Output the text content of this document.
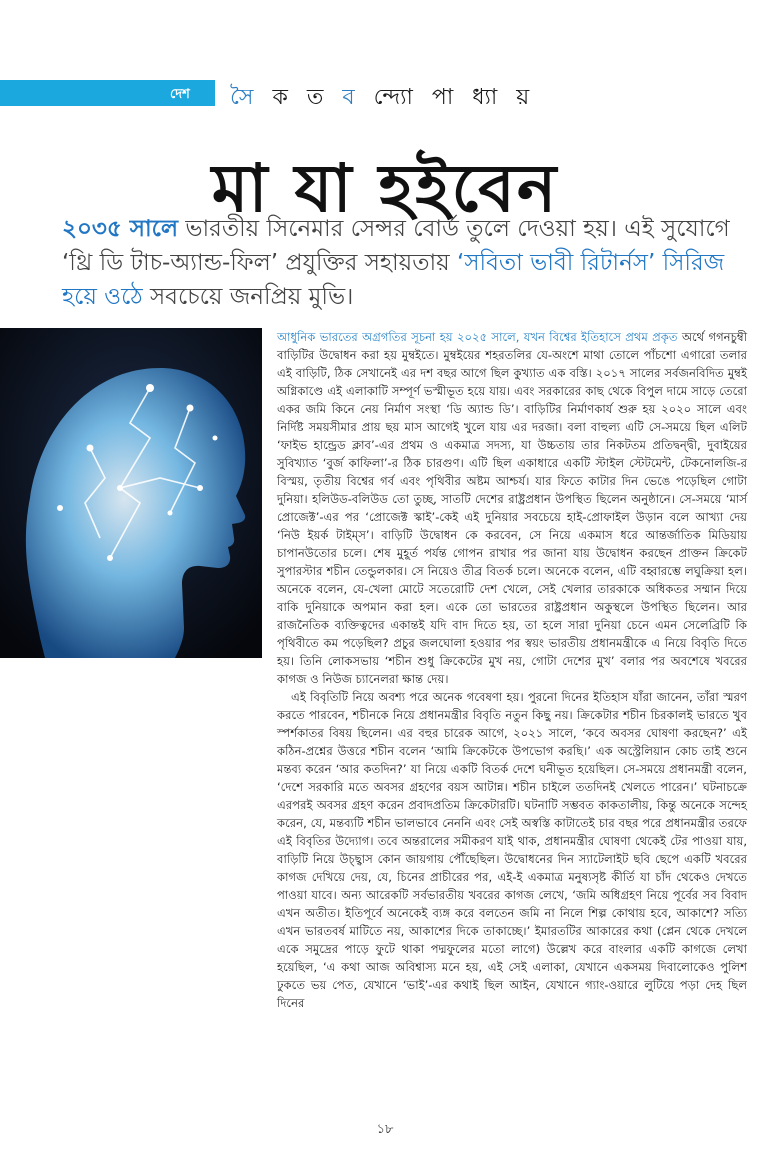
দেশ সৈ ক ত ব ন্দ্যো পা ধ্যা য়
মা যা হইবেন
২০৩৫ সালে ভারতীয় সিনেমার সেন্সর বোর্ড তুলে দেওয়া হয়। এই সুযোগে ‘থ্রি ডি টাচ-অ্যান্ড-ফিল’ প্রযুক্তির সহায়তায় ‘সবিতা ভাবী রিটার্নস’ সিরিজ হয়ে ওঠে সবচেয়ে জনপ্রিয় মুভি।

আধুনিক ভারতের অগ্রগতির সূচনা হয় ২০২৫ সালে, যখন বিশ্বের ইতিহাসে প্রথম প্রকৃত অর্থে গগনচুম্বী বাড়িটির উদ্বোধন করা হয় মুম্বইতে। মুম্বইয়ের শহরতলির যে-অংশে মাথা তোলে পাঁচশো এগারো তলার এই বাড়িটি, ঠিক সেখানেই এর দশ বছর আগে ছিল কুখ্যাত এক বস্তি। ২০১৭ সালের সর্বজনবিদিত মুম্বই অগ্নিকাণ্ডে এই এলাকাটি সম্পূর্ণ ভস্মীভূত হয়ে যায়। এবং সরকারের কাছ থেকে বিপুল দামে সাড়ে তেরো একর জমি কিনে নেয় নির্মাণ সংস্থা ‘ডি অ্যান্ড ডি’। বাড়িটির নির্মাণকার্য শুরু হয় ২০২০ সালে এবং নির্দিষ্ট সময়সীমার প্রায় ছয় মাস আগেই খুলে যায় এর দরজা। বলা বাহুল্য এটি সে-সময়ে ছিল এলিট ‘ফাইভ হান্ড্রেড ক্লাব’-এর প্রথম ও একমাত্র সদস্য, যা উচ্চতায় তার নিকটতম প্রতিদ্বন্দ্বী, দুবাইয়ের সুবিখ্যাত ‘বুর্জ কাফিলা’-র ঠিক চারগুণ। এটি ছিল একাধারে একটি স্টাইল স্টেটমেন্ট, টেকনোলজি-র বিস্ময়, তৃতীয় বিশ্বের গর্ব এবং পৃথিবীর অষ্টম আশ্চর্য। যার ফিতে কাটার দিন ভেঙে পড়েছিল গোটা দুনিয়া। হলিউড-বলিউড তো তুচ্ছ, সাতটি দেশের রাষ্ট্রপ্রধান উপস্থিত ছিলেন অনুষ্ঠানে। সে-সময়ে ‘মার্স প্রোজেক্ট’-এর পর ‘প্রোজেক্ট স্কাই’-কেই এই দুনিয়ার সবচেয়ে হাই-প্রোফাইল উড়ান বলে আখ্যা দেয় ‘নিউ ইয়র্ক টাইম্‌স’। বাড়িটি উদ্বোধন কে করবেন, সে নিয়ে একমাস ধরে আন্তর্জাতিক মিডিয়ায় চাপানউতোর চলে। শেষ মুহূর্ত পর্যন্ত গোপন রাখার পর জানা যায় উদ্বোধন করছেন প্রাক্তন ক্রিকেট সুপারস্টার শচীন তেন্ডুলকার। সে নিয়েও তীব্র বিতর্ক চলে। অনেকে বলেন, এটি বহ্বারম্ভে লঘুক্রিয়া হল। অনেকে বলেন, যে-খেলা মোটে সতেরোটি দেশ খেলে, সেই খেলার তারকাকে অধিকতর সম্মান দিয়ে বাকি দুনিয়াকে অপমান করা হল। একে তো ভারতের রাষ্ট্রপ্রধান অকুস্থলে উপস্থিত ছিলেন। আর রাজনৈতিক ব্যক্তিত্বদের একান্তই যদি বাদ দিতে হয়, তা হলে সারা দুনিয়া চেনে এমন সেলেব্রিটি কি পৃথিবীতে কম পড়েছিল? প্রচুর জলঘোলা হওয়ার পর স্বয়ং ভারতীয় প্রধানমন্ত্রীকে এ নিয়ে বিবৃতি দিতে হয়। তিনি লোকসভায় ‘শচীন শুধু ক্রিকেটের মুখ নয়, গোটা দেশের মুখ’ বলার পর অবশেষে খবরের কাগজ ও নিউজ চ্যানেলরা ক্ষান্ত দেয়।

এই বিবৃতিটি নিয়ে অবশ্য পরে অনেক গবেষণা হয়। পুরনো দিনের ইতিহাস যাঁরা জানেন, তাঁরা স্মরণ করতে পারবেন, শচীনকে নিয়ে প্রধানমন্ত্রীর বিবৃতি নতুন কিছু নয়। ক্রিকেটার শচীন চিরকালই ভারতে খুব স্পর্শকাতর বিষয় ছিলেন। এর বহুর চারেক আগে, ২০২১ সালে, ‘কবে অবসর ঘোষণা করছেন?’ এই কঠিন-প্রশ্নের উত্তরে শচীন বলেন ‘আমি ক্রিকেটকে উপভোগ করছি।’ এক অস্ট্রেলিয়ান কোচ তাই শুনে মন্তব্য করেন ‘আর কতদিন?’ যা নিয়ে একটি বিতর্ক দেশে ঘনীভূত হয়েছিল। সে-সময়ে প্রধানমন্ত্রী বলেন, ‘দেশে সরকারি মতে অবসর গ্রহণের বয়স আটান্ন। শচীন চাইলে ততদিনই খেলতে পারেন।’ ঘটনাচক্রে এরপরই অবসর গ্রহণ করেন প্রবাদপ্রতিম ক্রিকেটারটি। ঘটনাটি সম্ভবত কাকতালীয়, কিন্তু অনেকে সন্দেহ করেন, যে, মন্তব্যটি শচীন ভালভাবে নেননি এবং সেই অস্বস্তি কাটাতেই চার বছর পরে প্রধানমন্ত্রীর তরফে এই বিবৃতির উদ্যোগ। তবে অন্তরালের সমীকরণ যাই থাক, প্রধানমন্ত্রীর ঘোষণা থেকেই টের পাওয়া যায়, বাড়িটি নিয়ে উচ্ছ্বাস কোন জায়গায় পৌঁছেছিল। উদ্বোধনের দিন স্যাটেলাইট ছবি ছেপে একটি খবরের কাগজ দেখিয়ে দেয়, যে, চিনের প্রাচীরের পর, এই-ই একমাত্র মনুষ্যসৃষ্ট কীর্তি যা চাঁদ থেকেও দেখতে পাওয়া যাবে। অন্য আরেকটি সর্বভারতীয় খবরের কাগজ লেখে, ‘জমি অধিগ্রহণ নিয়ে পূর্বের সব বিবাদ এখন অতীত। ইতিপূর্বে অনেকেই ব্যঙ্গ করে বলতেন জমি না নিলে শিল্প কোথায় হবে, আকাশে? সত্যি এখন ভারতবর্ষ মাটিতে নয়, আকাশের দিকে তাকাচ্ছে।’ ইমারতটির আকারের কথা (প্লেন থেকে দেখলে একে সমুদ্রের পাড়ে ফুটে থাকা পদ্মফুলের মতো লাগে) উল্লেখ করে বাংলার একটি কাগজে লেখা হয়েছিল, ‘এ কথা আজ অবিশ্বাস্য মনে হয়, এই সেই এলাকা, যেখানে একসময় দিবালোকেও পুলিশ ঢুকতে ভয় পেত, যেখানে ‘ভাই’-এর কথাই ছিল আইন, যেখানে গ্যাং-ওয়ারে লুটিয়ে পড়া দেহ ছিল দিনের

১৮
